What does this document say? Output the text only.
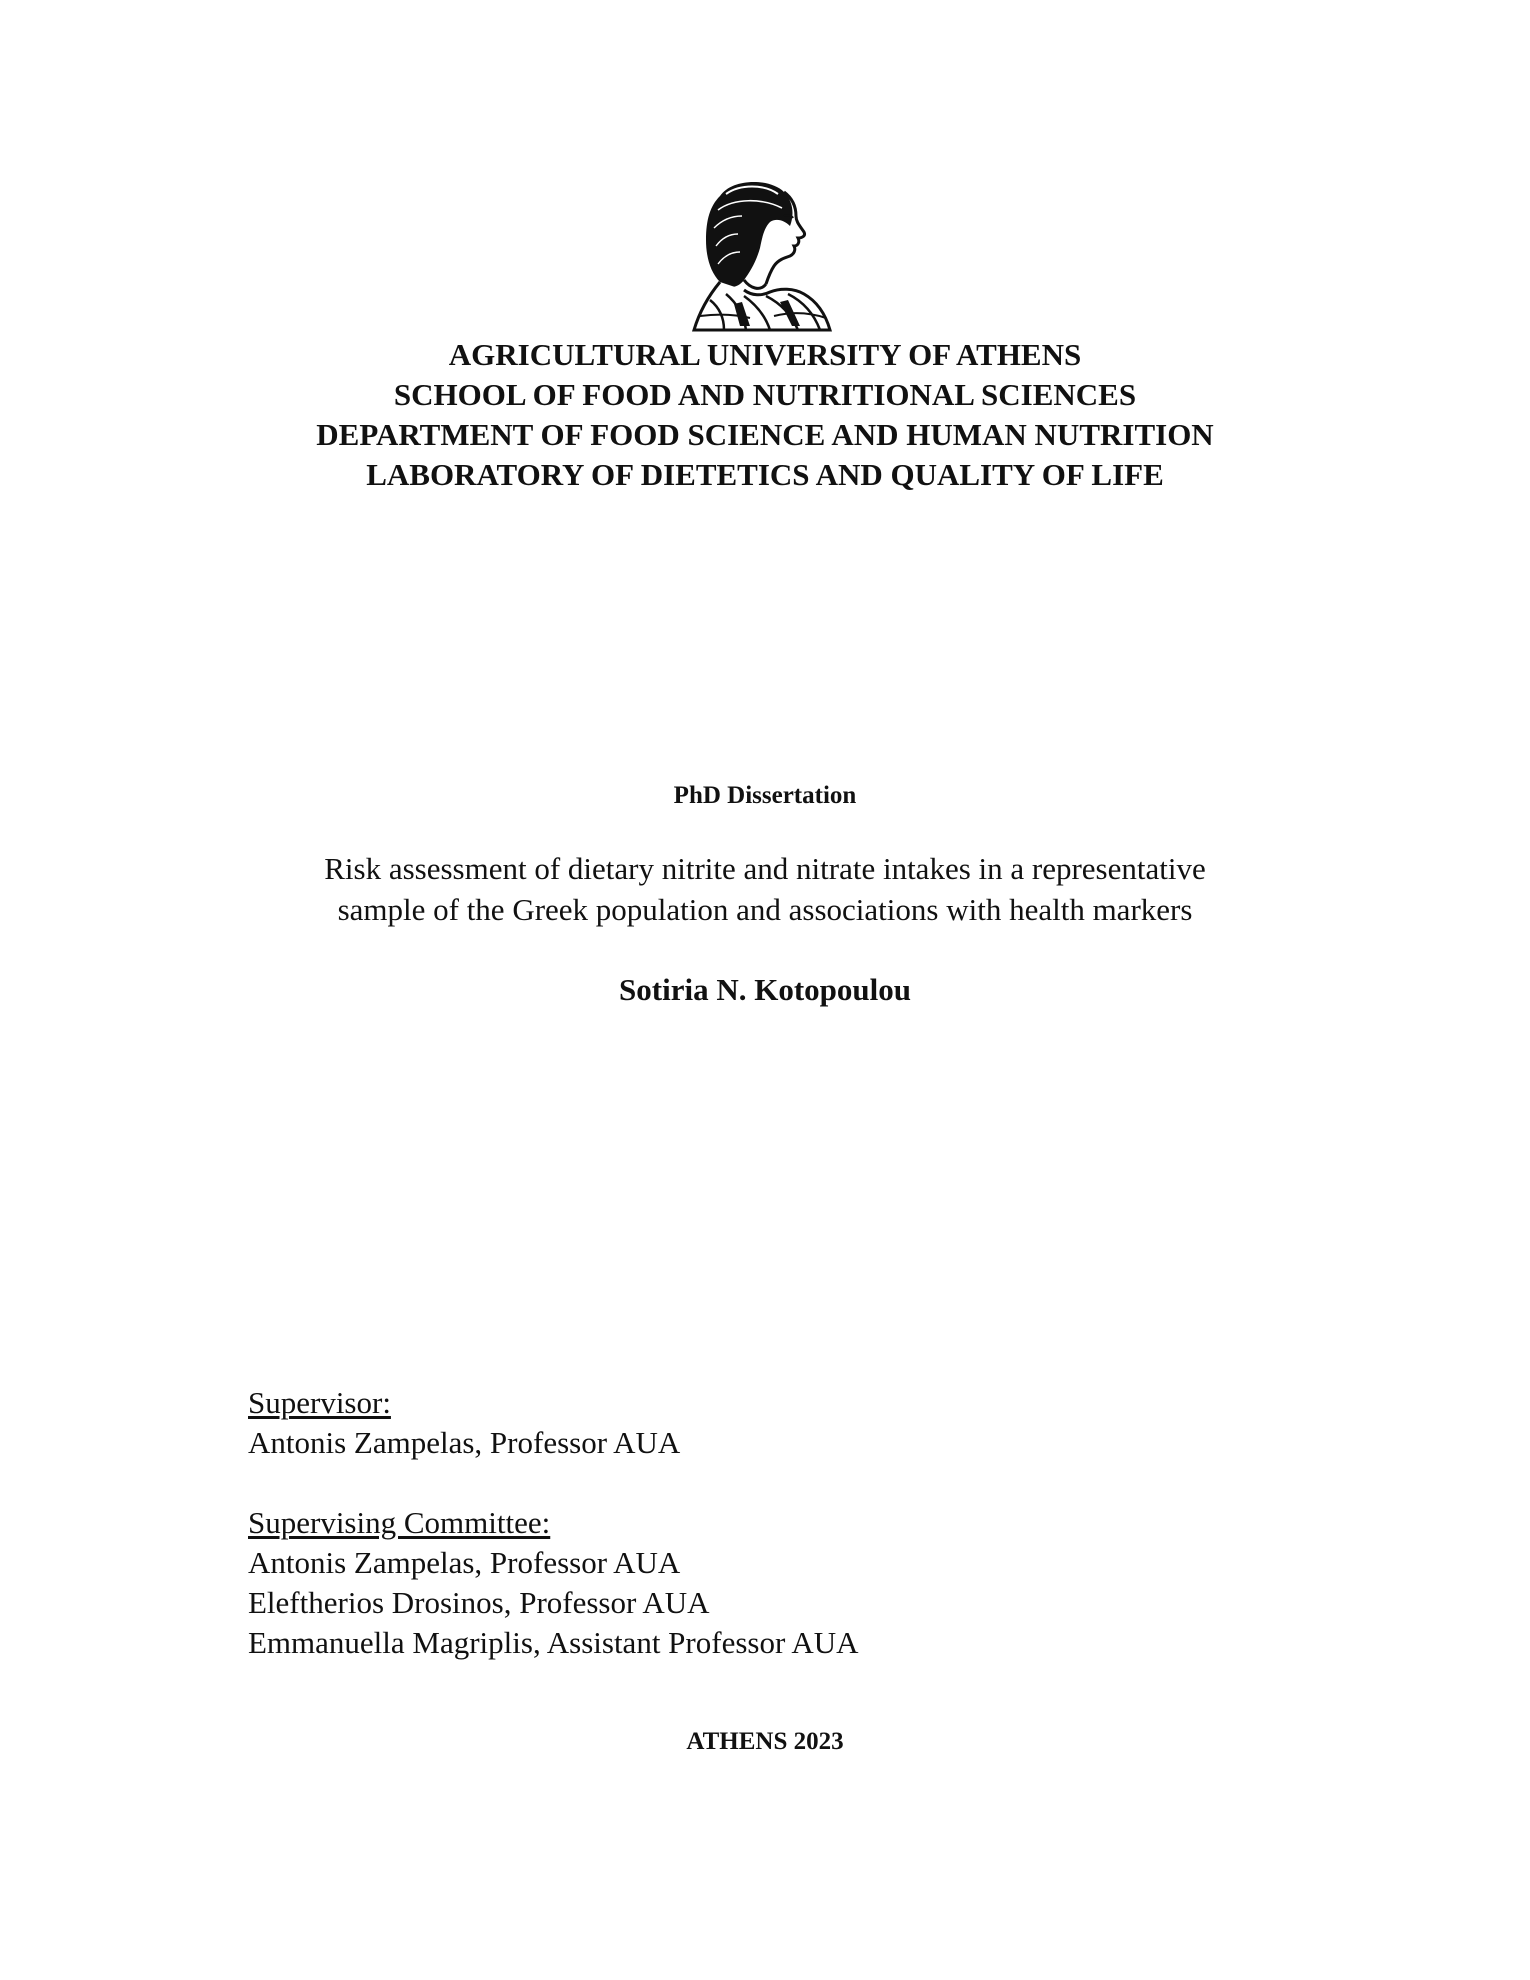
AGRICULTURAL UNIVERSITY OF ATHENS
SCHOOL OF FOOD AND NUTRITIONAL SCIENCES
DEPARTMENT OF FOOD SCIENCE AND HUMAN NUTRITION
LABORATORY OF DIETETICS AND QUALITY OF LIFE
PhD Dissertation
Risk assessment of dietary nitrite and nitrate intakes in a representative
sample of the Greek population and associations with health markers
Sotiria N. Kotopoulou
Supervisor:
Antonis Zampelas, Professor AUA
Supervising Committee:
Antonis Zampelas, Professor AUA
Eleftherios Drosinos, Professor AUA
Emmanuella Magriplis, Assistant Professor AUA
ATHENS 2023
